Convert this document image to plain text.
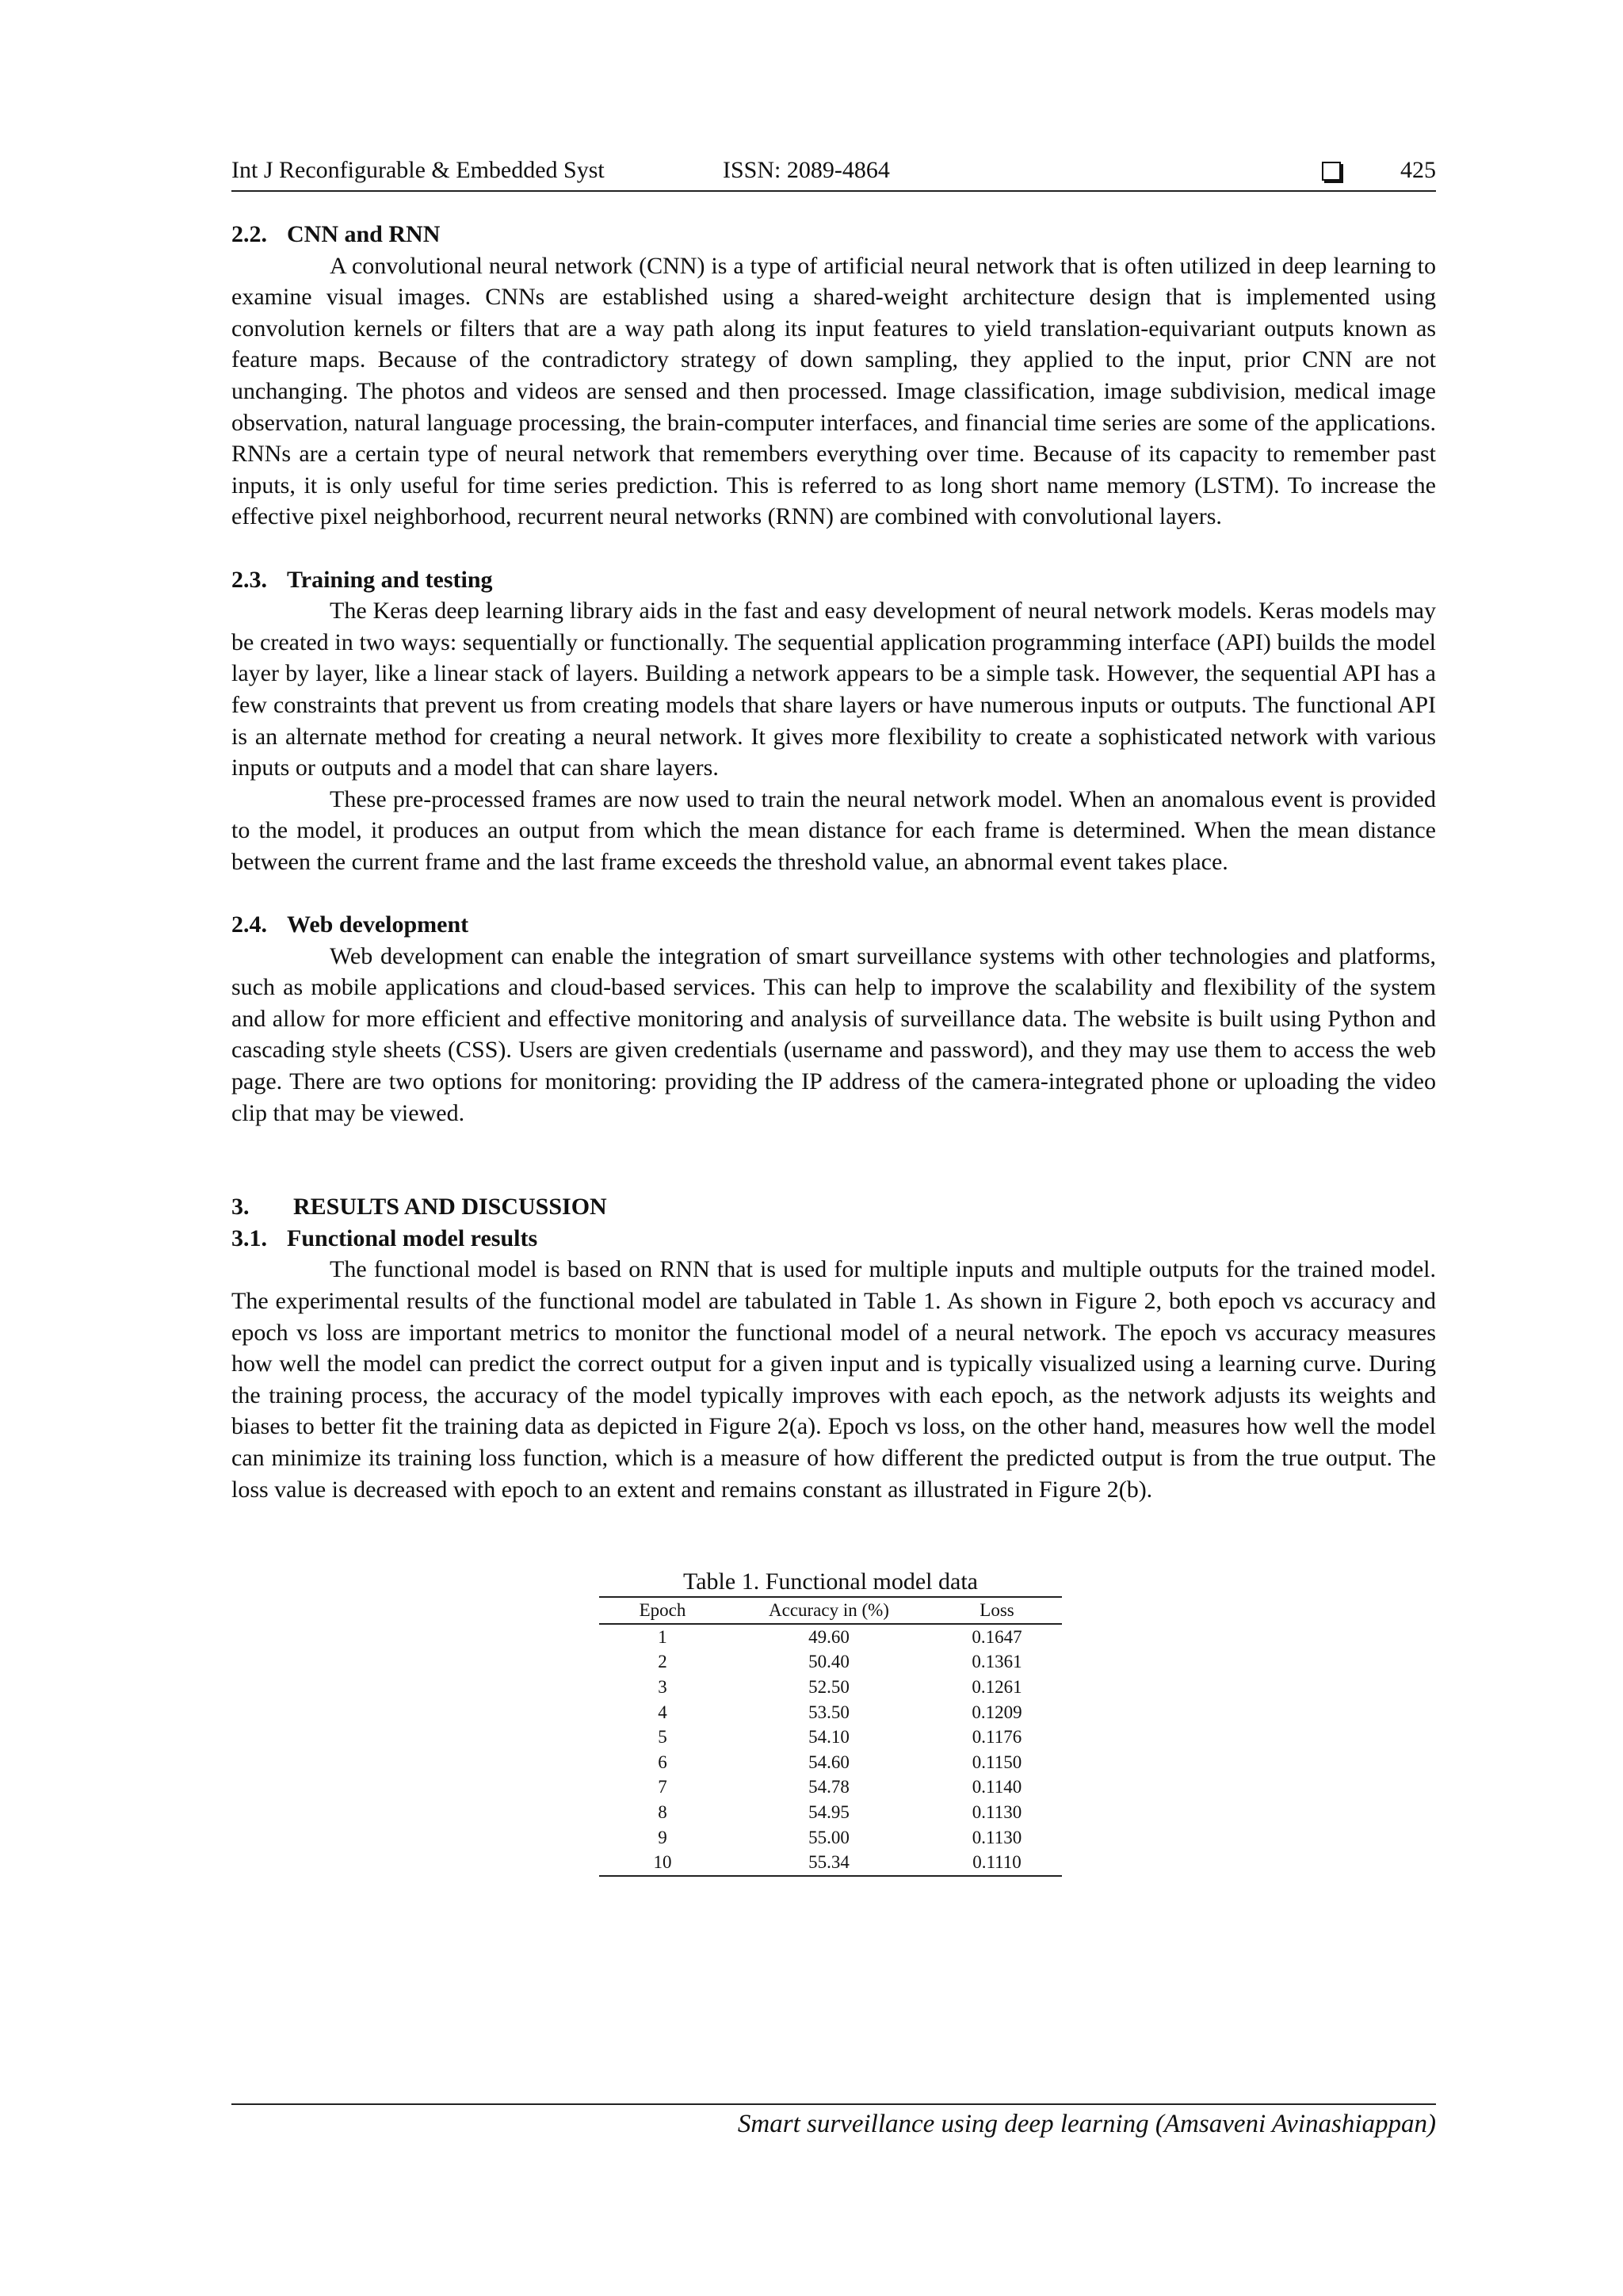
Int J Reconfigurable & Embedded Syst	ISSN: 2089-4864	425
2.2. CNN and RNN

A convolutional neural network (CNN) is a type of artificial neural network that is often utilized in deep learning to examine visual images. CNNs are established using a shared-weight architecture design that is implemented using convolution kernels or filters that are a way path along its input features to yield translation-equivariant outputs known as feature maps. Because of the contradictory strategy of down sampling, they applied to the input, prior CNN are not unchanging. The photos and videos are sensed and then processed. Image classification, image subdivision, medical image observation, natural language processing, the brain-computer interfaces, and financial time series are some of the applications. RNNs are a certain type of neural network that remembers everything over time. Because of its capacity to remember past inputs, it is only useful for time series prediction. This is referred to as long short name memory (LSTM). To increase the effective pixel neighborhood, recurrent neural networks (RNN) are combined with convolutional layers.

2.3. Training and testing

The Keras deep learning library aids in the fast and easy development of neural network models. Keras models may be created in two ways: sequentially or functionally. The sequential application programming interface (API) builds the model layer by layer, like a linear stack of layers. Building a network appears to be a simple task. However, the sequential API has a few constraints that prevent us from creating models that share layers or have numerous inputs or outputs. The functional API is an alternate method for creating a neural network. It gives more flexibility to create a sophisticated network with various inputs or outputs and a model that can share layers.

These pre-processed frames are now used to train the neural network model. When an anomalous event is provided to the model, it produces an output from which the mean distance for each frame is determined. When the mean distance between the current frame and the last frame exceeds the threshold value, an abnormal event takes place.

2.4. Web development

Web development can enable the integration of smart surveillance systems with other technologies and platforms, such as mobile applications and cloud-based services. This can help to improve the scalability and flexibility of the system and allow for more efficient and effective monitoring and analysis of surveillance data. The website is built using Python and cascading style sheets (CSS). Users are given credentials (username and password), and they may use them to access the web page. There are two options for monitoring: providing the IP address of the camera-integrated phone or uploading the video clip that may be viewed.

3. RESULTS AND DISCUSSION
3.1. Functional model results

The functional model is based on RNN that is used for multiple inputs and multiple outputs for the trained model. The experimental results of the functional model are tabulated in Table 1. As shown in Figure 2, both epoch vs accuracy and epoch vs loss are important metrics to monitor the functional model of a neural network. The epoch vs accuracy measures how well the model can predict the correct output for a given input and is typically visualized using a learning curve. During the training process, the accuracy of the model typically improves with each epoch, as the network adjusts its weights and biases to better fit the training data as depicted in Figure 2(a). Epoch vs loss, on the other hand, measures how well the model can minimize its training loss function, which is a measure of how different the predicted output is from the true output. The loss value is decreased with epoch to an extent and remains constant as illustrated in Figure 2(b).

Table 1. Functional model data
Epoch	Accuracy in (%)	Loss
1	49.60	0.1647
2	50.40	0.1361
3	52.50	0.1261
4	53.50	0.1209
5	54.10	0.1176
6	54.60	0.1150
7	54.78	0.1140
8	54.95	0.1130
9	55.00	0.1130
10	55.34	0.1110
Smart surveillance using deep learning (Amsaveni Avinashiappan)
